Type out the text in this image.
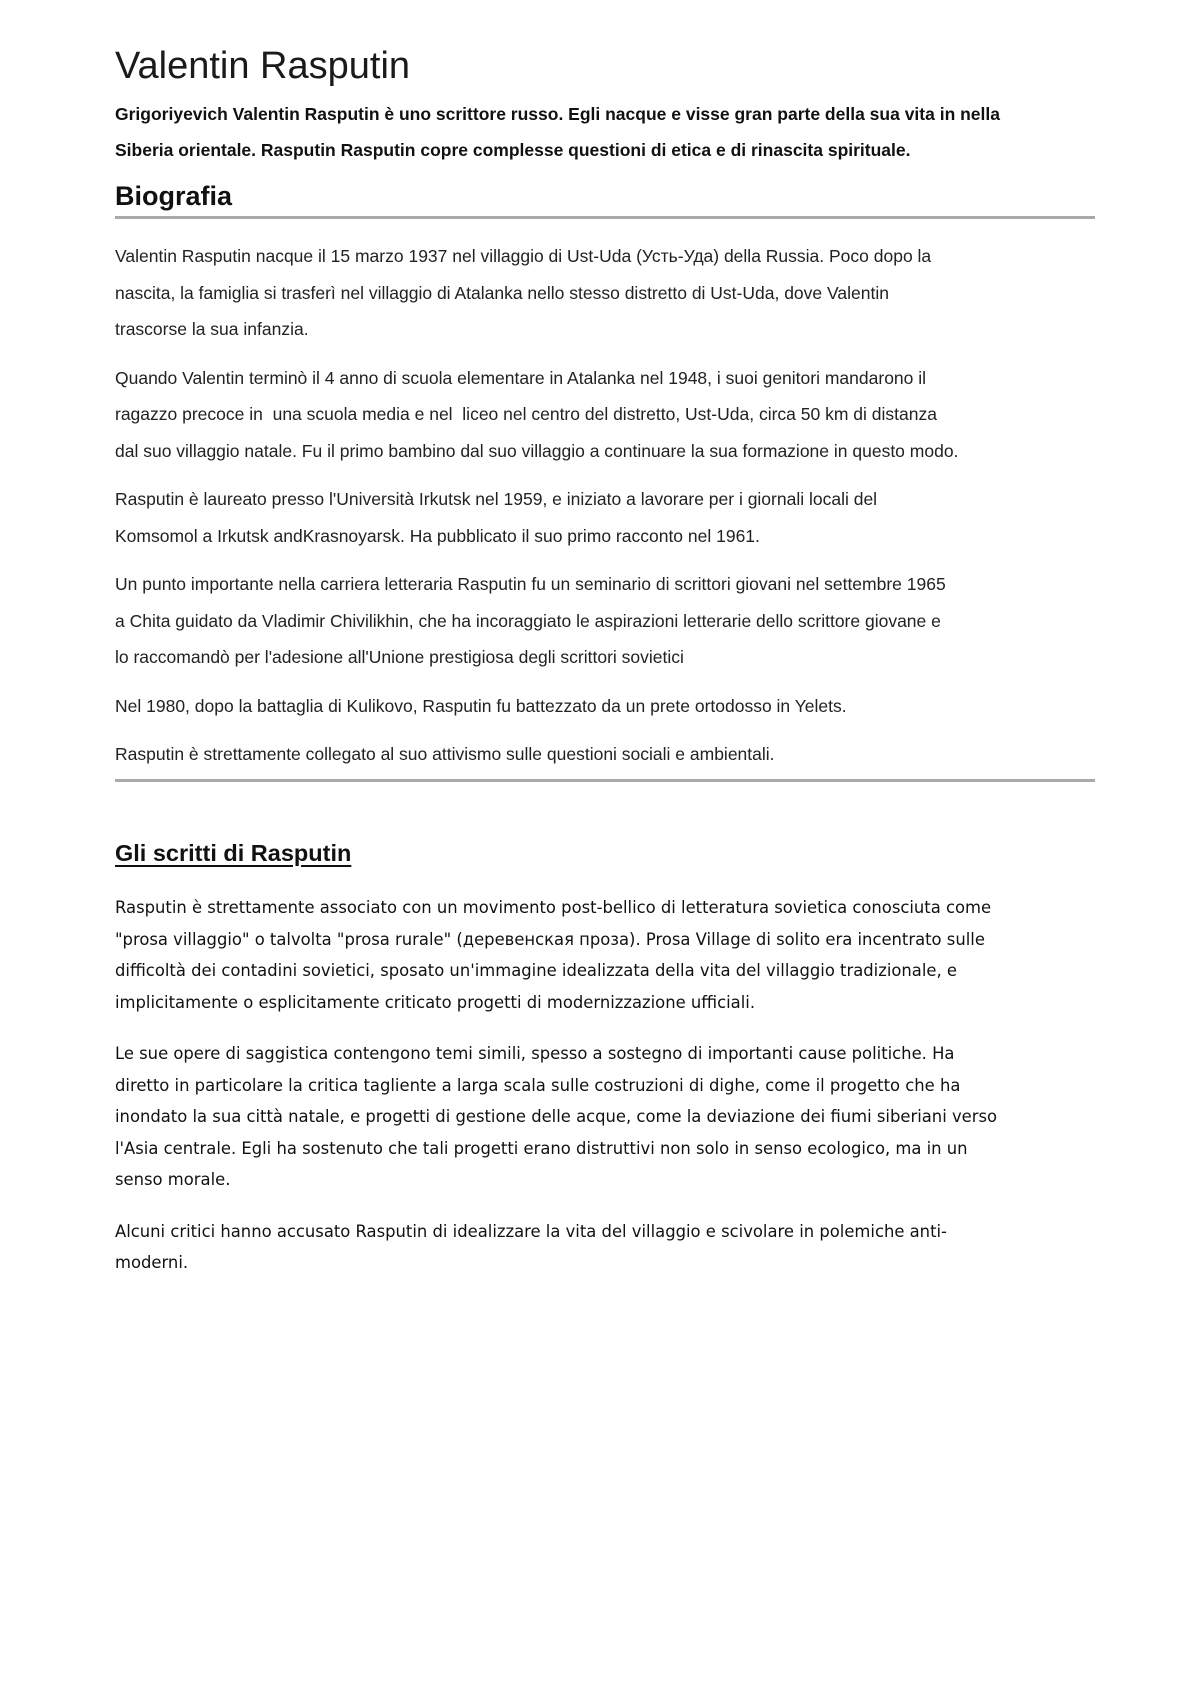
Valentin Rasputin

Grigoriyevich Valentin Rasputin è uno scrittore russo. Egli nacque e visse gran parte della sua vita in nella
Siberia orientale. Rasputin Rasputin copre complesse questioni di etica e di rinascita spirituale.

Biografia

Valentin Rasputin nacque il 15 marzo 1937 nel villaggio di Ust-Uda (Усть-Уда) della Russia. Poco dopo la
nascita, la famiglia si trasferì nel villaggio di Atalanka nello stesso distretto di Ust-Uda, dove Valentin
trascorse la sua infanzia.

Quando Valentin terminò il 4 anno di scuola elementare in Atalanka nel 1948, i suoi genitori mandarono il
ragazzo precoce in  una scuola media e nel  liceo nel centro del distretto, Ust-Uda, circa 50 km di distanza
dal suo villaggio natale. Fu il primo bambino dal suo villaggio a continuare la sua formazione in questo modo.

Rasputin è laureato presso l'Università Irkutsk nel 1959, e iniziato a lavorare per i giornali locali del
Komsomol a Irkutsk andKrasnoyarsk. Ha pubblicato il suo primo racconto nel 1961.

Un punto importante nella carriera letteraria Rasputin fu un seminario di scrittori giovani nel settembre 1965
a Chita guidato da Vladimir Chivilikhin, che ha incoraggiato le aspirazioni letterarie dello scrittore giovane e
lo raccomandò per l'adesione all'Unione prestigiosa degli scrittori sovietici

Nel 1980, dopo la battaglia di Kulikovo, Rasputin fu battezzato da un prete ortodosso in Yelets.

Rasputin è strettamente collegato al suo attivismo sulle questioni sociali e ambientali.

Gli scritti di Rasputin

Rasputin è strettamente associato con un movimento post-bellico di letteratura sovietica conosciuta come
"prosa villaggio" o talvolta "prosa rurale" (деревенская проза). Prosa Village di solito era incentrato sulle
difficoltà dei contadini sovietici, sposato un'immagine idealizzata della vita del villaggio tradizionale, e
implicitamente o esplicitamente criticato progetti di modernizzazione ufficiali.

Le sue opere di saggistica contengono temi simili, spesso a sostegno di importanti cause politiche. Ha
diretto in particolare la critica tagliente a larga scala sulle costruzioni di dighe, come il progetto che ha
inondato la sua città natale, e progetti di gestione delle acque, come la deviazione dei fiumi siberiani verso
l'Asia centrale. Egli ha sostenuto che tali progetti erano distruttivi non solo in senso ecologico, ma in un
senso morale.

Alcuni critici hanno accusato Rasputin di idealizzare la vita del villaggio e scivolare in polemiche anti-
moderni.
